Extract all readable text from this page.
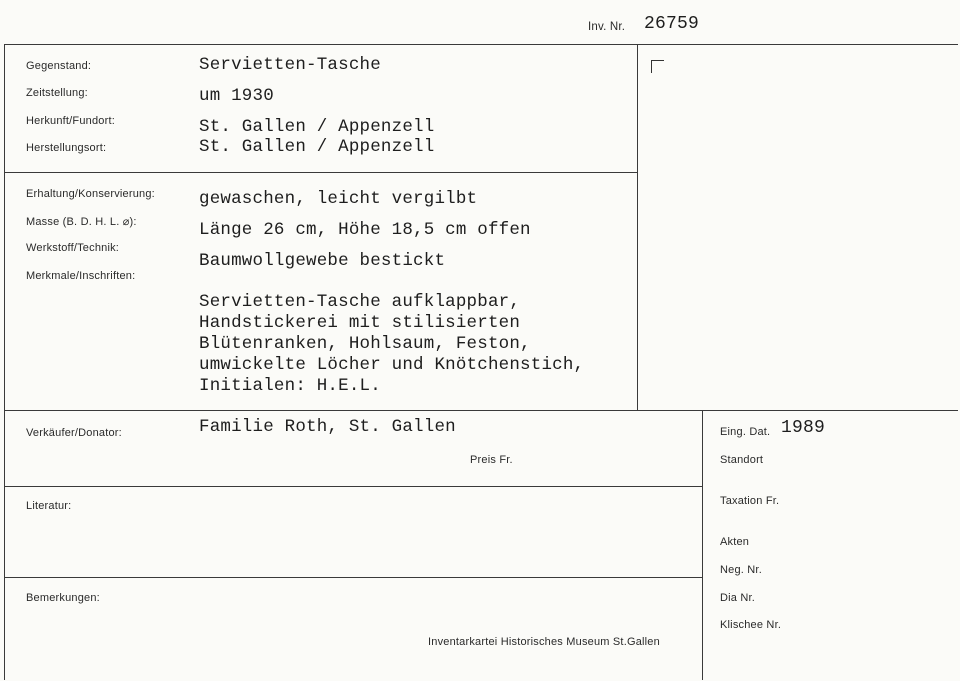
Inv. Nr. 26759
Gegenstand:
Zeitstellung:
Herkunft/Fundort:
Herstellungsort:
Servietten-Tasche
um 1930
St. Gallen / Appenzell
St. Gallen / Appenzell
Erhaltung/Konservierung:
Masse (B. D. H. L. ⌀):
Werkstoff/Technik:
Merkmale/Inschriften:
gewaschen, leicht vergilbt
Länge 26 cm, Höhe 18,5 cm offen
Baumwollgewebe bestickt
Servietten-Tasche aufklappbar,
Handstickerei mit stilisierten
Blütenranken, Hohlsaum, Feston,
umwickelte Löcher und Knötchenstich,
Initialen: H.E.L.
Verkäufer/Donator:	Familie Roth, St. Gallen
Preis Fr.
Literatur:
Bemerkungen:
Inventarkartei Historisches Museum St.Gallen
Eing. Dat. 1989
Standort
Taxation Fr.
Akten
Neg. Nr.
Dia Nr.
Klischee Nr.
